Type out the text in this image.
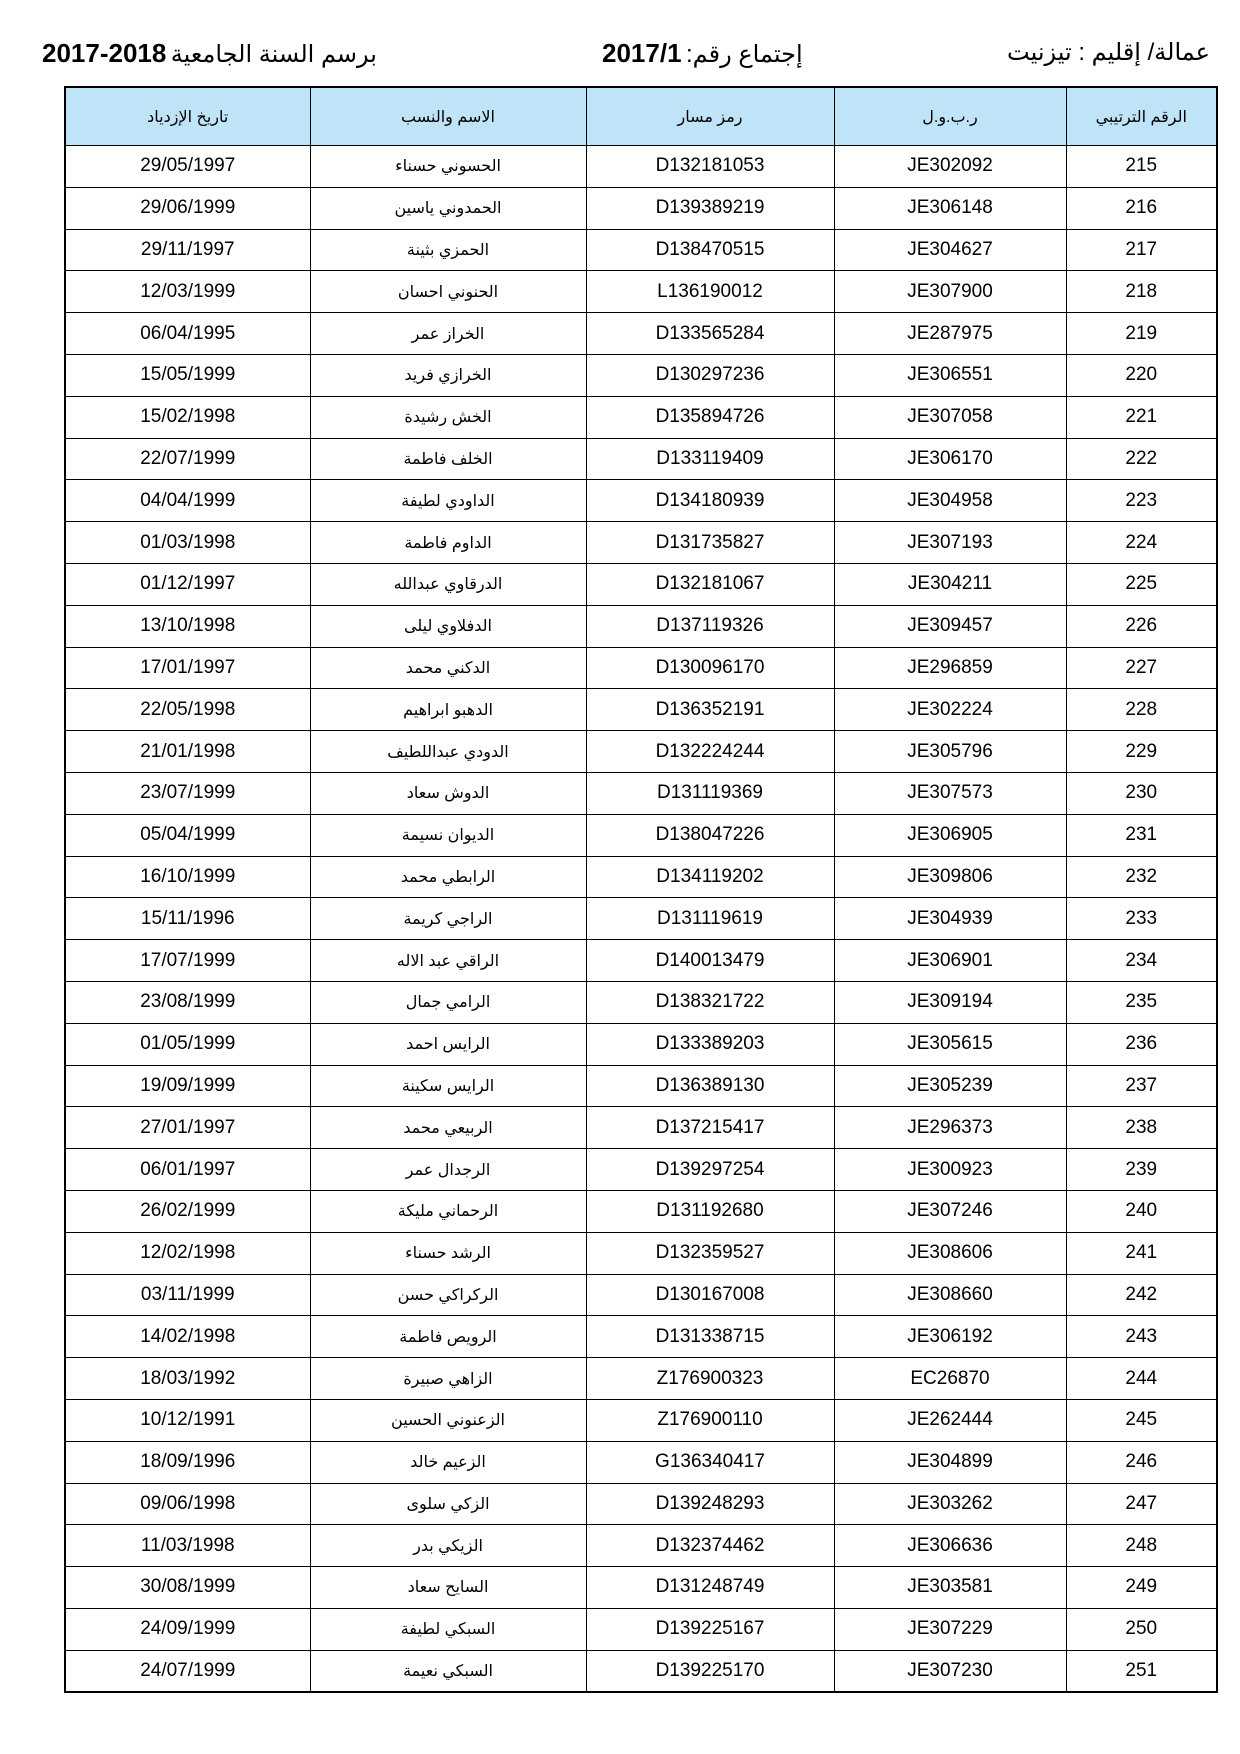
عمالة/ إقليم : تيزنيت
إجتماع رقم: 2017/1
برسم السنة الجامعية 2017-2018
تاريخ الإزدياد	الاسم والنسب	رمز مسار	ر.ب.و.ل	الرقم الترتيبي
29/05/1997	الحسوني حسناء	D132181053	JE302092	215
29/06/1999	الحمدوني ياسين	D139389219	JE306148	216
29/11/1997	الحمزي بثينة	D138470515	JE304627	217
12/03/1999	الحنوني احسان	L136190012	JE307900	218
06/04/1995	الخراز عمر	D133565284	JE287975	219
15/05/1999	الخرازي فريد	D130297236	JE306551	220
15/02/1998	الخش رشيدة	D135894726	JE307058	221
22/07/1999	الخلف فاطمة	D133119409	JE306170	222
04/04/1999	الداودي لطيفة	D134180939	JE304958	223
01/03/1998	الداوم فاطمة	D131735827	JE307193	224
01/12/1997	الدرقاوي عبدالله	D132181067	JE304211	225
13/10/1998	الدفلاوي ليلى	D137119326	JE309457	226
17/01/1997	الدكني محمد	D130096170	JE296859	227
22/05/1998	الدهبو ابراهيم	D136352191	JE302224	228
21/01/1998	الدودي عبداللطيف	D132224244	JE305796	229
23/07/1999	الدوش سعاد	D131119369	JE307573	230
05/04/1999	الديوان نسيمة	D138047226	JE306905	231
16/10/1999	الرابطي محمد	D134119202	JE309806	232
15/11/1996	الراجي كريمة	D131119619	JE304939	233
17/07/1999	الراقي عبد الاله	D140013479	JE306901	234
23/08/1999	الرامي جمال	D138321722	JE309194	235
01/05/1999	الرايس احمد	D133389203	JE305615	236
19/09/1999	الرايس سكينة	D136389130	JE305239	237
27/01/1997	الربيعي محمد	D137215417	JE296373	238
06/01/1997	الرجدال عمر	D139297254	JE300923	239
26/02/1999	الرحماني مليكة	D131192680	JE307246	240
12/02/1998	الرشد حسناء	D132359527	JE308606	241
03/11/1999	الركراكي حسن	D130167008	JE308660	242
14/02/1998	الرويص فاطمة	D131338715	JE306192	243
18/03/1992	الزاهي صبيرة	Z176900323	EC26870	244
10/12/1991	الزعنوني الحسين	Z176900110	JE262444	245
18/09/1996	الزعيم خالد	G136340417	JE304899	246
09/06/1998	الزكي سلوى	D139248293	JE303262	247
11/03/1998	الزيكي بدر	D132374462	JE306636	248
30/08/1999	السايح سعاد	D131248749	JE303581	249
24/09/1999	السبكي لطيفة	D139225167	JE307229	250
24/07/1999	السبكي نعيمة	D139225170	JE307230	251
